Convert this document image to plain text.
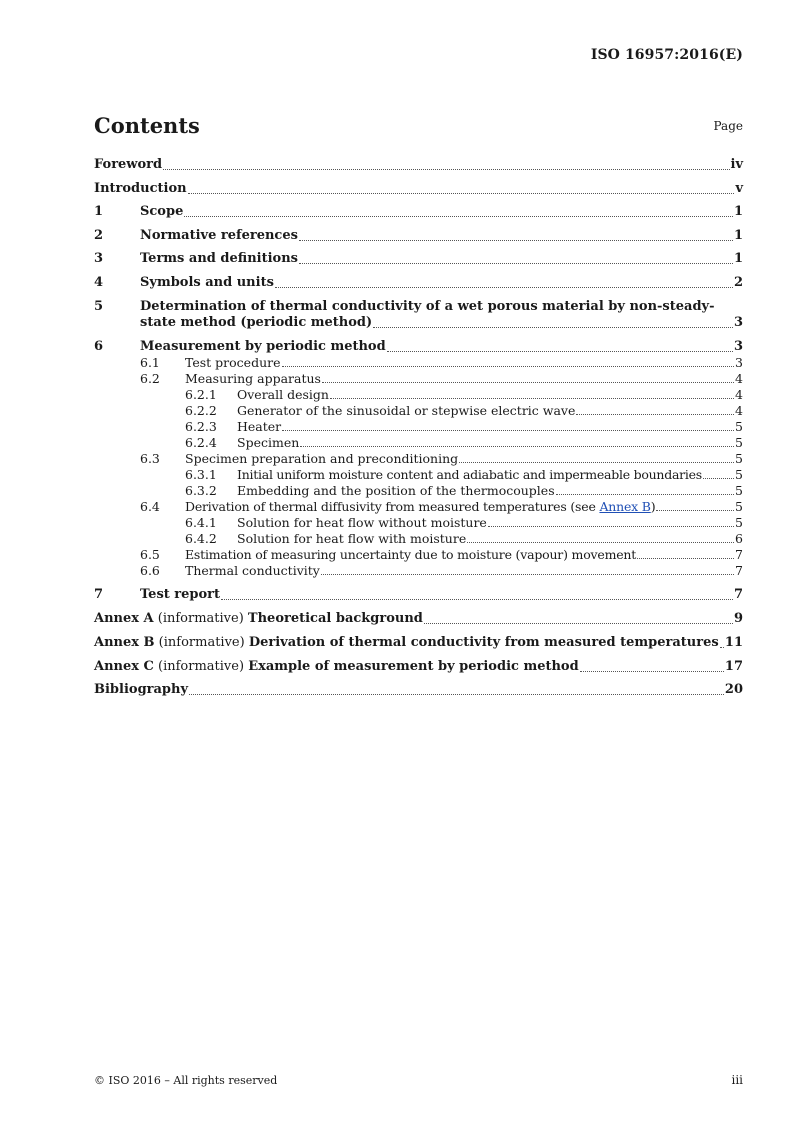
ISO 16957:2016(E)
Contents	Page
Foreword	iv
Introduction	v
1	Scope	1
2	Normative references	1
3	Terms and definitions	1
4	Symbols and units	2
5	Determination of thermal conductivity of a wet porous material by non-steady-
state method (periodic method)	3
6	Measurement by periodic method	3
6.1 Test procedure	3
6.2 Measuring apparatus	4
6.2.1 Overall design	4
6.2.2 Generator of the sinusoidal or stepwise electric wave	4
6.2.3 Heater	5
6.2.4 Specimen	5
6.3 Specimen preparation and preconditioning	5
6.3.1 Initial uniform moisture content and adiabatic and impermeable boundaries	5
6.3.2 Embedding and the position of the thermocouples	5
6.4 Derivation of thermal diffusivity from measured temperatures (see Annex B)	5
6.4.1 Solution for heat flow without moisture	5
6.4.2 Solution for heat flow with moisture	6
6.5 Estimation of measuring uncertainty due to moisture (vapour) movement	7
6.6 Thermal conductivity	7
7	Test report	7
Annex A (informative) Theoretical background	9
Annex B (informative) Derivation of thermal conductivity from measured temperatures 11
Annex C (informative) Example of measurement by periodic method	17
Bibliography	20
© ISO 2016 – All rights reserved	iii
